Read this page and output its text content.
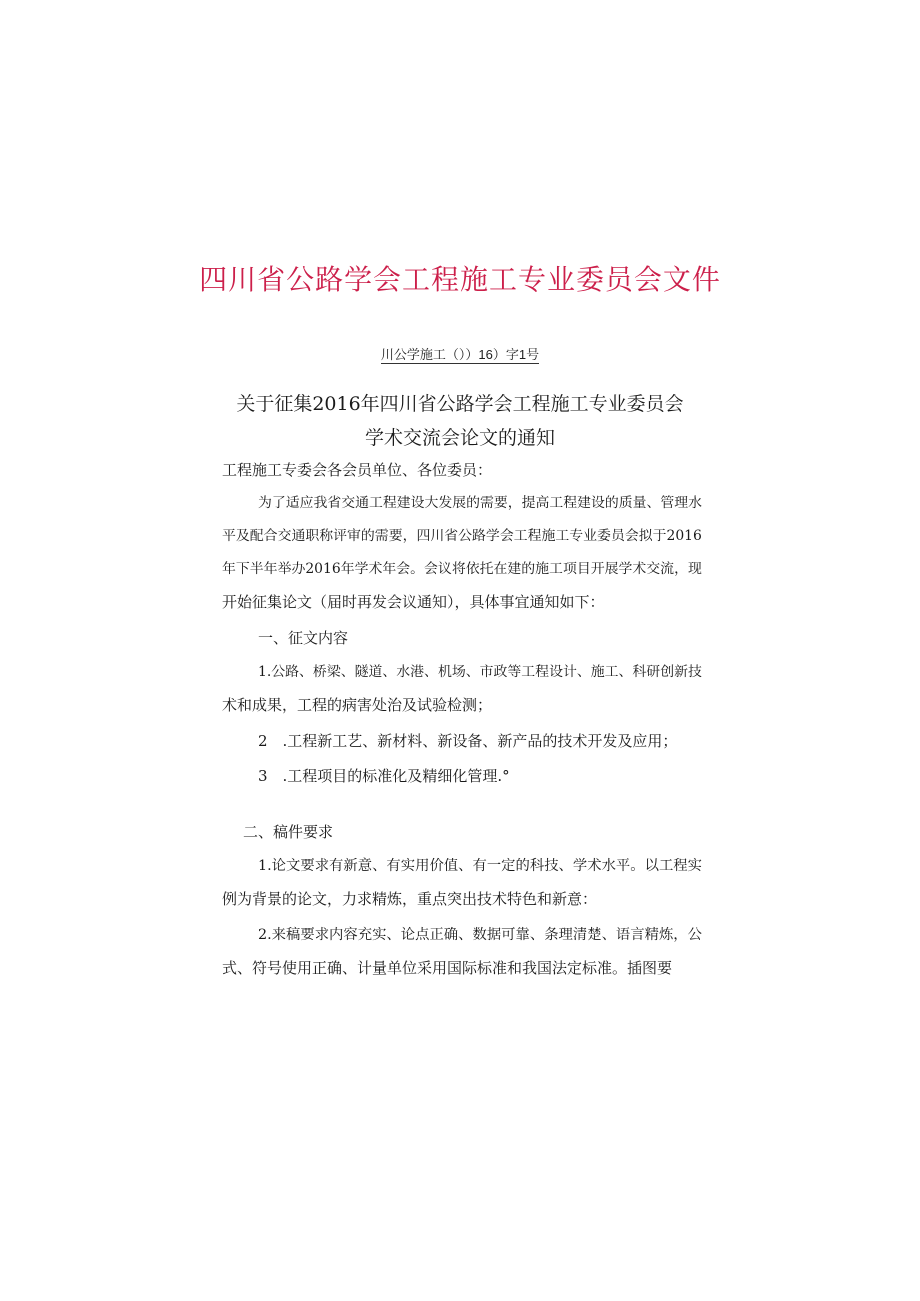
四川省公路学会工程施工专业委员会文件

川公学施工（））16）字1号

关于征集2016年四川省公路学会工程施工专业委员会

学术交流会论文的通知

工程施工专委会各会员单位、各位委员：

为了适应我省交通工程建设大发展的需要，提高工程建设的质量、管理水

平及配合交通职称评审的需要，四川省公路学会工程施工专业委员会拟于2016

年下半年举办2016年学术年会。会议将依托在建的施工项目开展学术交流，现

开始征集论文（届时再发会议通知），具体事宜通知如下：

一、征文内容

1.公路、桥梁、隧道、水港、机场、市政等工程设计、施工、科研创新技

术和成果，工程的病害处治及试验检测；

2　.工程新工艺、新材料、新设备、新产品的技术开发及应用；

3　.工程项目的标准化及精细化管理.°

二、稿件要求

1.论文要求有新意、有实用价值、有一定的科技、学术水平。以工程实

例为背景的论文，力求精炼，重点突出技术特色和新意：

2.来稿要求内容充实、论点正确、数据可靠、条理清楚、语言精炼，公

式、符号使用正确、计量单位采用国际标准和我国法定标准。插图要
